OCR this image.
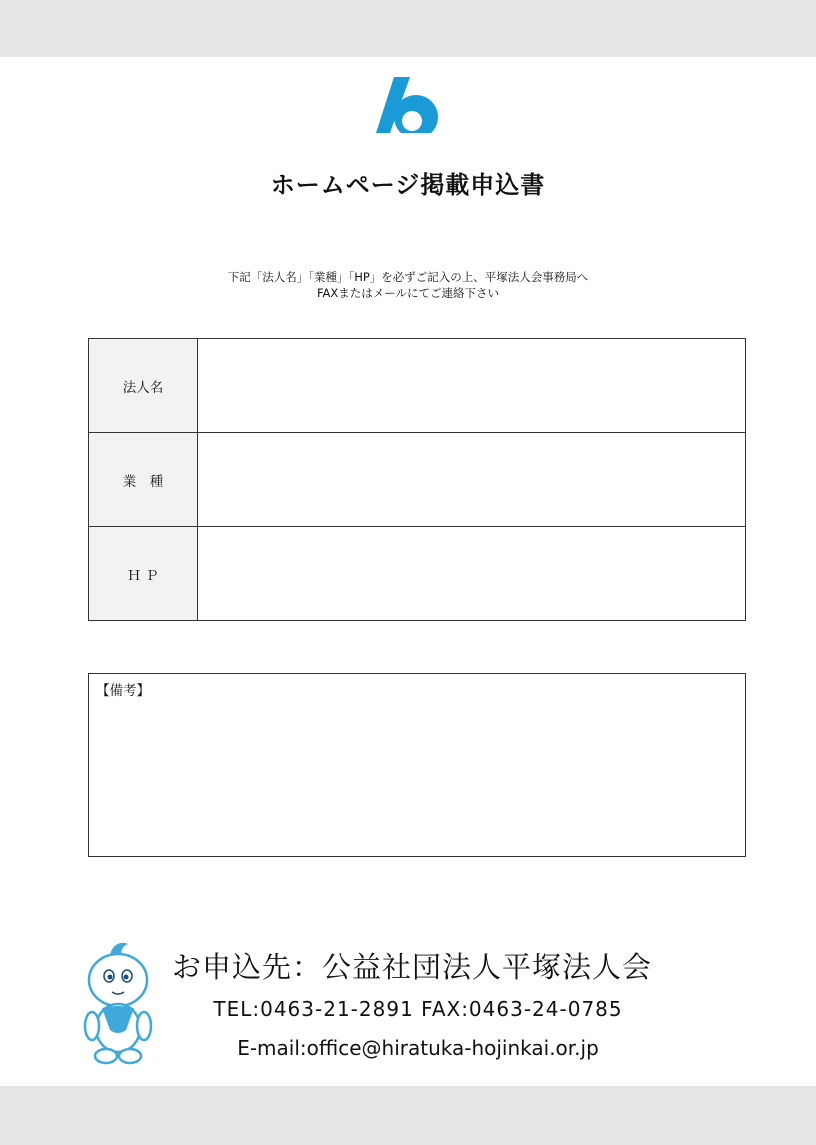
ホームページ掲載申込書
下記「法人名」「業種」「HP」を必ずご記入の上、平塚法人会事務局へ
FAXまたはメールにてご連絡下さい
法人名	
業　種	
Ｈ Ｐ	
【備考】
お申込先：公益社団法人平塚法人会
TEL:0463-21-2891 FAX:0463-24-0785
E-mail:office@hiratuka-hojinkai.or.jp
